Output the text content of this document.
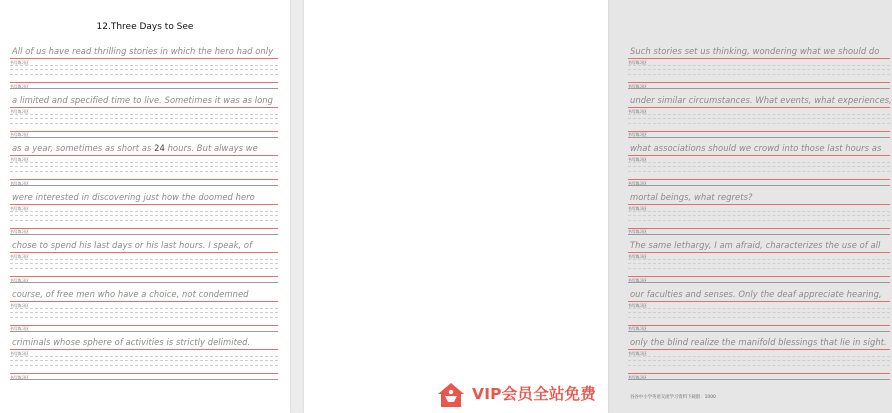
12.Three Days to See
All of us have read thrilling stories in which the hero had only
书写练习区
书写练习区
a limited and specified time to live. Sometimes it was as long
书写练习区
书写练习区
as a year, sometimes as short as 24 hours. But always we
书写练习区
书写练习区
were interested in discovering just how the doomed hero
书写练习区
书写练习区
chose to spend his last days or his last hours. I speak, of
书写练习区
书写练习区
course, of free men who have a choice, not condemned
书写练习区
书写练习区
criminals whose sphere of activities is strictly delimited.
书写练习区
书写练习区
谷谷中小学英语交流学习资料下载群：1000
Such stories set us thinking, wondering what we should do
书写练习区
书写练习区
under similar circumstances. What events, what experiences,
书写练习区
书写练习区
what associations should we crowd into those last hours as
书写练习区
书写练习区
mortal beings, what regrets?
书写练习区
书写练习区
The same lethargy, I am afraid, characterizes the use of all
书写练习区
书写练习区
our faculties and senses. Only the deaf appreciate hearing,
书写练习区
书写练习区
only the blind realize the manifold blessings that lie in sight.
书写练习区
书写练习区
VIP会员全站免费
